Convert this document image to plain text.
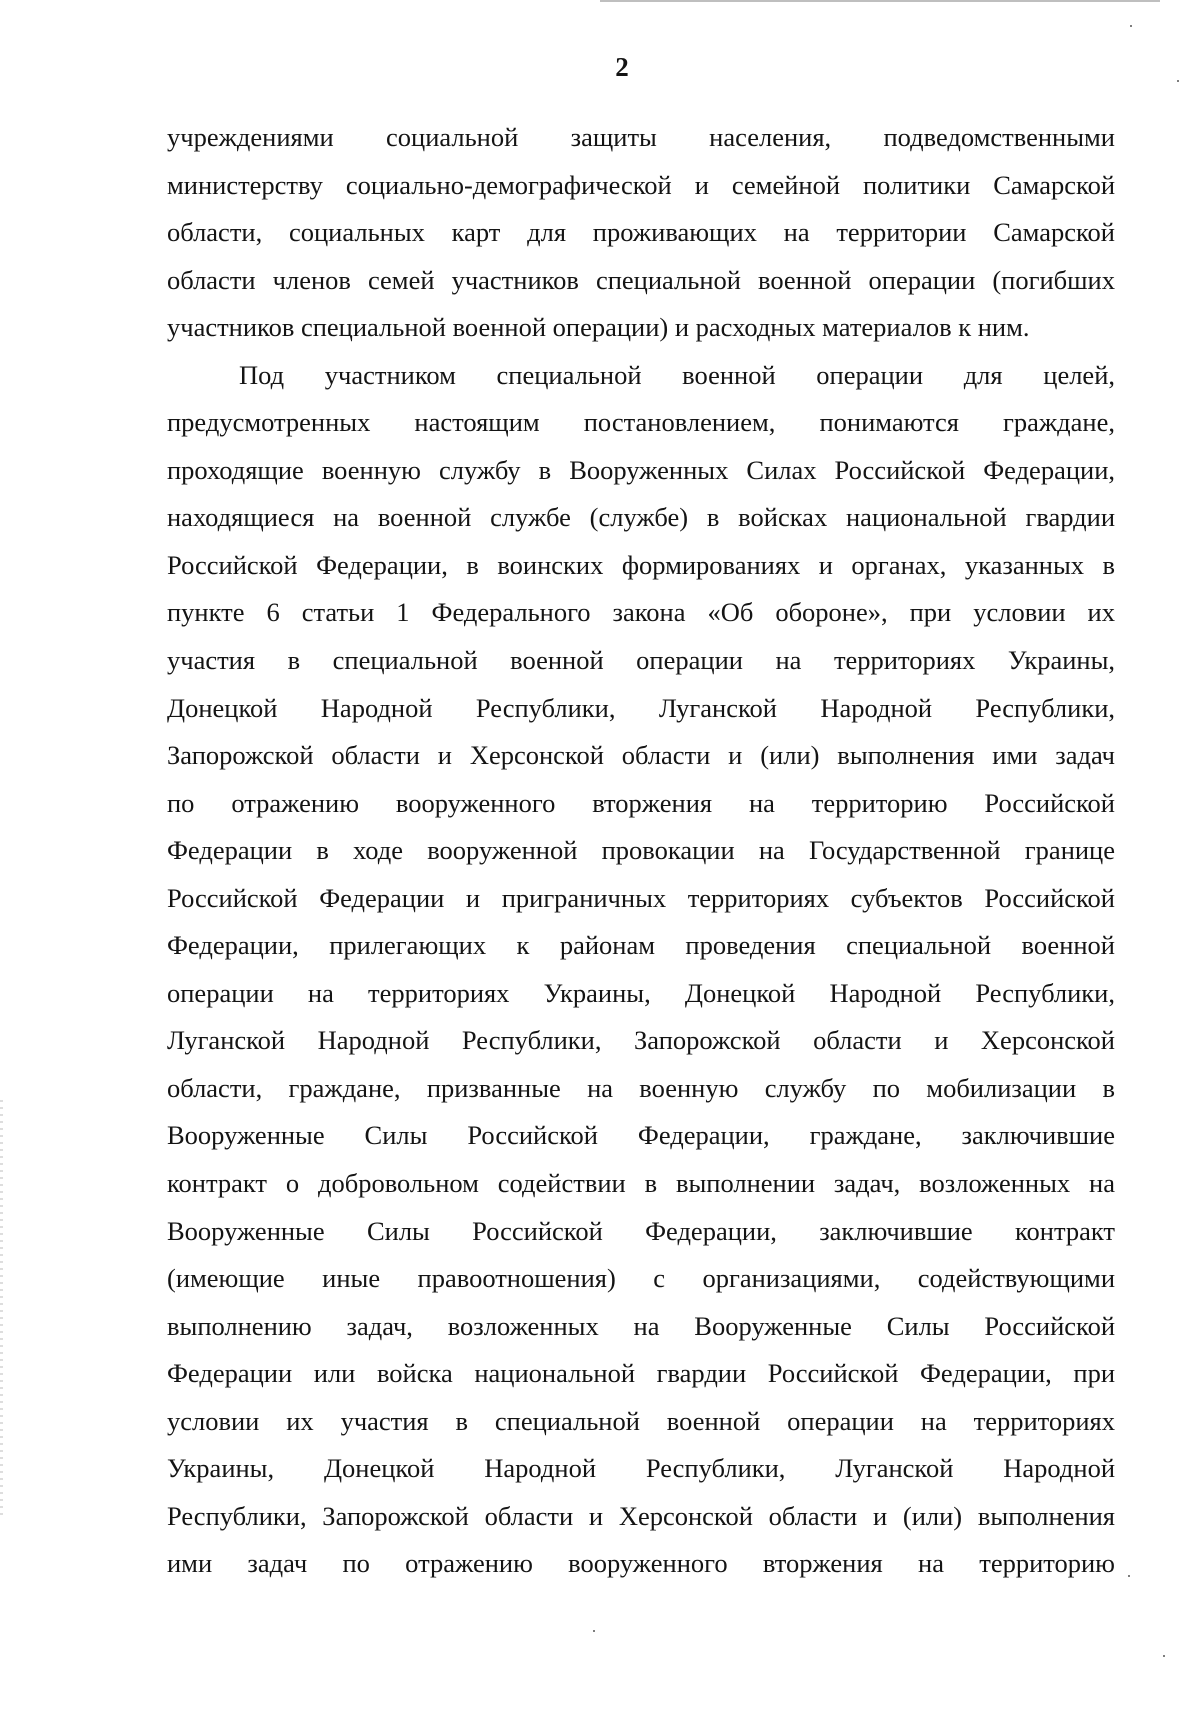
2

учреждениями социальной защиты населения, подведомственными
министерству социально-демографической и семейной политики Самарской
области, социальных карт для проживающих на территории Самарской
области членов семей участников специальной военной операции (погибших
участников специальной военной операции) и расходных материалов к ним.
Под участником специальной военной операции для целей,
предусмотренных настоящим постановлением, понимаются граждане,
проходящие военную службу в Вооруженных Силах Российской Федерации,
находящиеся на военной службе (службе) в войсках национальной гвардии
Российской Федерации, в воинских формированиях и органах, указанных в
пункте 6 статьи 1 Федерального закона «Об обороне», при условии их
участия в специальной военной операции на территориях Украины,
Донецкой Народной Республики, Луганской Народной Республики,
Запорожской области и Херсонской области и (или) выполнения ими задач
по отражению вооруженного вторжения на территорию Российской
Федерации в ходе вооруженной провокации на Государственной границе
Российской Федерации и приграничных территориях субъектов Российской
Федерации, прилегающих к районам проведения специальной военной
операции на территориях Украины, Донецкой Народной Республики,
Луганской Народной Республики, Запорожской области и Херсонской
области, граждане, призванные на военную службу по мобилизации в
Вооруженные Силы Российской Федерации, граждане, заключившие
контракт о добровольном содействии в выполнении задач, возложенных на
Вооруженные Силы Российской Федерации, заключившие контракт
(имеющие иные правоотношения) с организациями, содействующими
выполнению задач, возложенных на Вооруженные Силы Российской
Федерации или войска национальной гвардии Российской Федерации, при
условии их участия в специальной военной операции на территориях
Украины, Донецкой Народной Республики, Луганской Народной
Республики, Запорожской области и Херсонской области и (или) выполнения
ими задач по отражению вооруженного вторжения на территорию
